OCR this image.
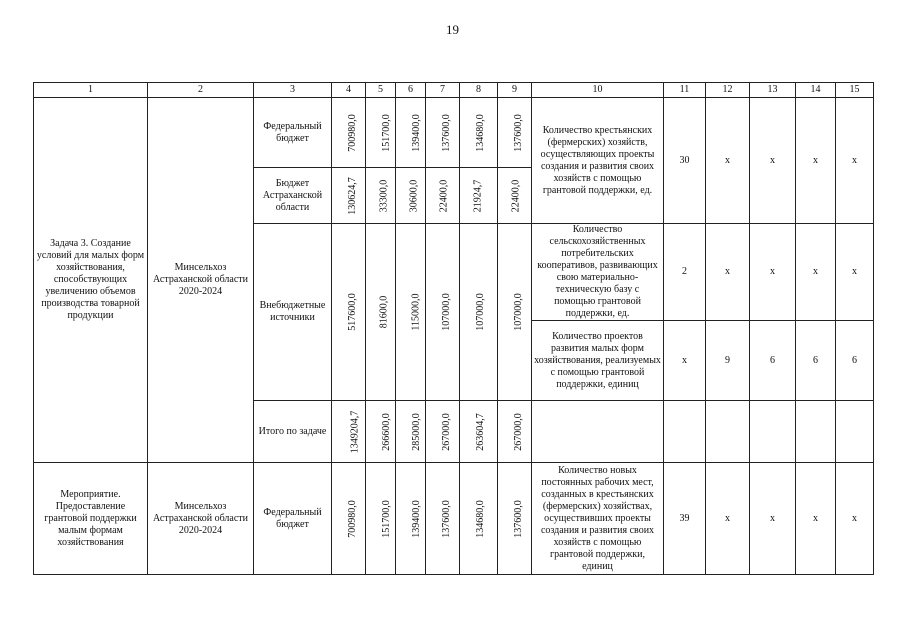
19
1	2	3	4	5	6	7	8	9	10	11	12	13	14	15
Задача 3. Создание условий для малых форм хозяйствования, способствующих увеличению объемов производства товарной продукции	Минсельхоз Астраханской области 2020-2024	Федеральный бюджет	700980,0	151700,0	139400,0	137600,0	134680,0	137600,0	Количество крестьянских (фермерских) хозяйств, осуществляющих проекты создания и развития своих хозяйств с помощью грантовой поддержки, ед.	30	x	x	x	x
		Бюджет Астраханской области	130624,7	33300,0	30600,0	22400,0	21924,7	22400,0						
		Внебюджетные источники	517600,0	81600,0	115000,0	107000,0	107000,0	107000,0	Количество сельскохозяйственных потребительских кооперативов, развивающих свою материально-техническую базу с помощью грантовой поддержки, ед.	2	x	x	x	x
									Количество проектов развития малых форм хозяйствования, реализуемых с помощью грантовой поддержки, единиц	x	9	6	6	6
		Итого по задаче	1349204,7	266600,0	285000,0	267000,0	263604,7	267000,0						
Мероприятие. Предоставление грантовой поддержки малым формам хозяйствования	Минсельхоз Астраханской области 2020-2024	Федеральный бюджет	700980,0	151700,0	139400,0	137600,0	134680,0	137600,0	Количество новых постоянных рабочих мест, созданных в крестьянских (фермерских) хозяйствах, осуществивших проекты создания и развития своих хозяйств с помощью грантовой поддержки, единиц	39	x	x	x	x
